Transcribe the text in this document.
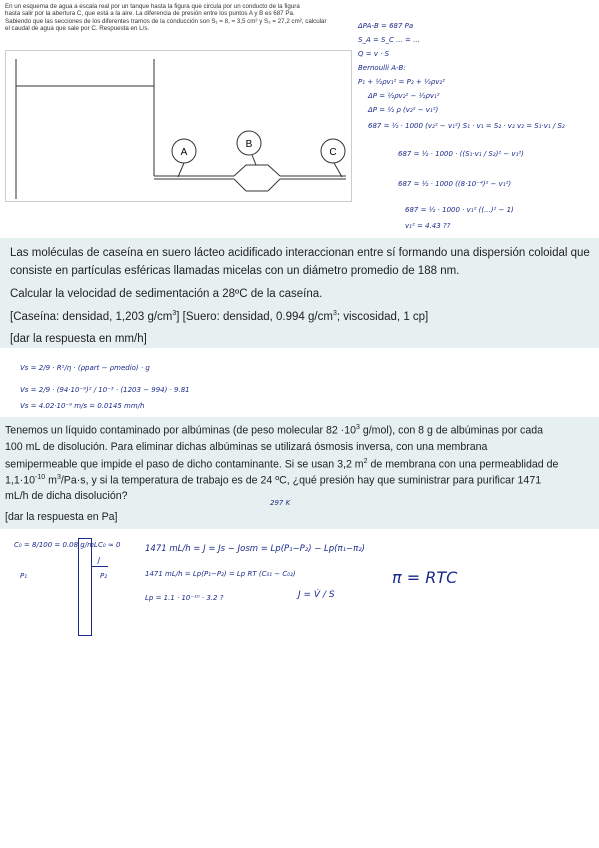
En un esquema de agua a escala real por un tanque hasta la figura que circula por un conducto de la figura
hasta salir por la abertura C, que está a la aire. La diferencia de presión entre los puntos A y B es 687 Pa.
Sabiendo que las secciones de los diferentes tramos de la conducción son S₁ = 8, = 3,5 cm² y S₃ = 27,2 cm², calcular
el caudal de agua que sale por C. Respuesta en L/s.
A
B
C
ΔPA-B = 687 Pa
S_A = S_C ... = ...
Q = v · S
Bernoulli A-B:
P₁ + ½ρv₁² = P₂ + ½ρv₂²
ΔP = ½ρv₂² − ½ρv₁²
ΔP = ½ ρ (v₂² − v₁²)
687 = ½ · 1000 (v₂² − v₁²) S₁ · v₁ = S₂ · v₂ v₂ = S₁·v₁ / S₂
687 = ½ · 1000 · ((S₁·v₁ / S₂)² − v₁²)
687 = ½ · 1000 ((8·10⁻⁴)² − v₁²)
687 = ½ · 1000 · v₁² ((...)² − 1)
v₁² = 4.43 ??
Las moléculas de caseína en suero lácteo acidificado interaccionan entre sí formando una dispersión coloidal que
consiste en partículas esféricas llamadas micelas con un diámetro promedio de 188 nm.
Calcular la velocidad de sedimentación a 28ºC de la caseína.
[Caseína: densidad, 1,203 $g/cm^3$] [Suero: densidad, 0.994 $g/cm^3$; viscosidad, 1 cp]
[dar la respuesta en mm/h]
Vs = 2/9 · R²/η · (ρpart − ρmedio) · g
Vs = 2/9 · (94·10⁻⁹)² / 10⁻³ · (1203 − 994) · 9.81
Vs = 4.02·10⁻⁹ m/s = 0.0145 mm/h
Tenemos un líquido contaminado por albúminas (de peso molecular $82 \cdot 10^3$ g/mol), con 8 g de albúminas por cada
100 mL de disolución. Para eliminar dichas albúminas se utilizará ósmosis inversa, con una membrana
semipermeable que impide el paso de dicho contaminante. Si se usan 3,2 $m^2$ de membrana con una permeablidad de
$1,1\cdot 10^{-10}$ $m^3/Pa\cdot s$, y si la temperatura de trabajo es de 24 ºC, ¿qué presión hay que suministrar para purificar 1471
mL/h de dicha disolución?
297 K
[dar la respuesta en Pa]
C₀ = 8/100 = 0.08 g/mL C₀ ≈ 0
J
P₁	P₂
1471 mL/h = J = Js − Josm = Lp(P₁−P₂) − Lp(π₁−π₂)
1471 mL/h = Lp(P₁−P₂) = Lp RT (C₀₁ − C₀₂)
Lp = 1.1 · 10⁻¹⁰ · 3.2 ?	J = V̇ / S
π = RTC
